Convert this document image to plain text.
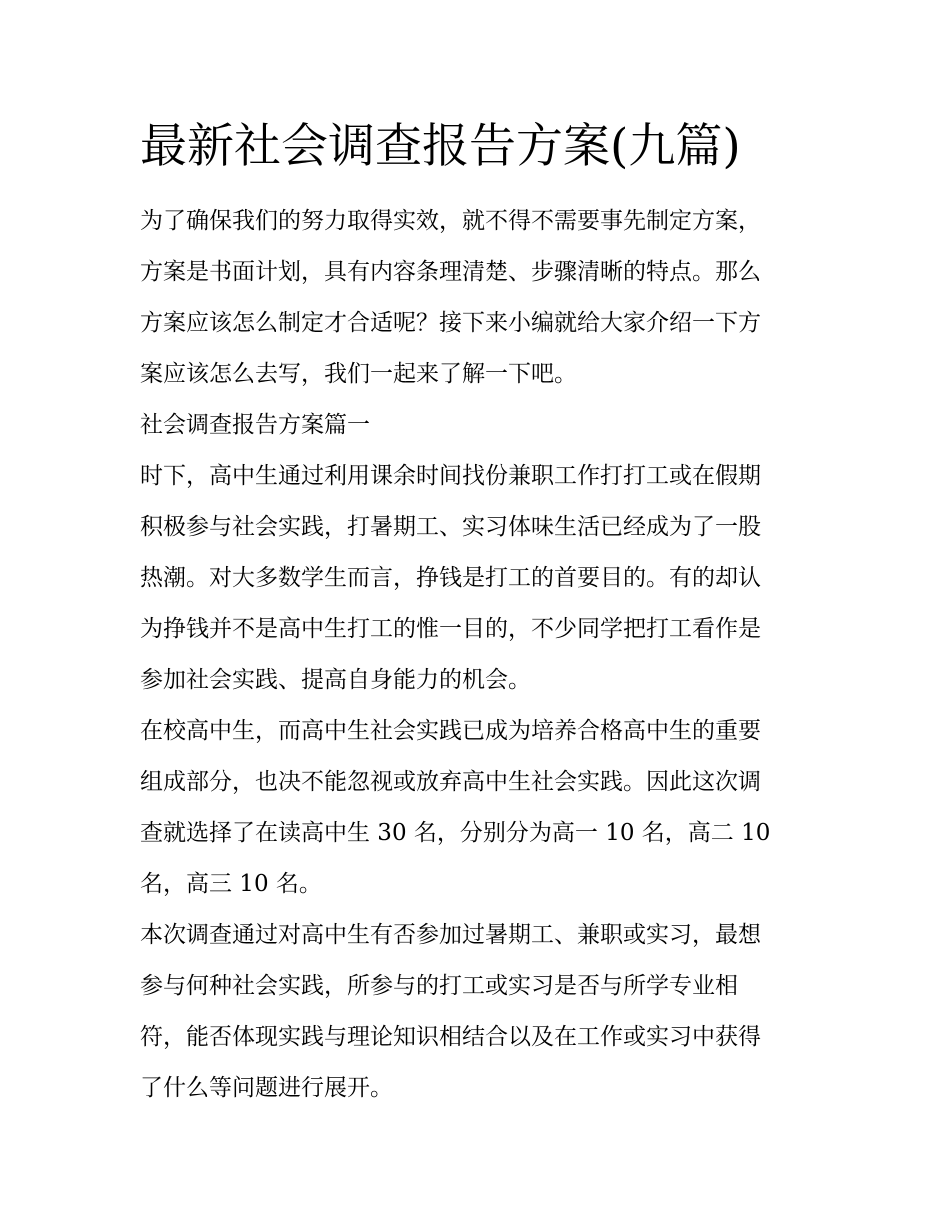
最新社会调查报告方案(九篇)

为了确保我们的努力取得实效，就不得不需要事先制定方案，
方案是书面计划，具有内容条理清楚、步骤清晰的特点。那么
方案应该怎么制定才合适呢？接下来小编就给大家介绍一下方
案应该怎么去写，我们一起来了解一下吧。

社会调查报告方案篇一

时下，高中生通过利用课余时间找份兼职工作打打工或在假期
积极参与社会实践，打暑期工、实习体味生活已经成为了一股
热潮。对大多数学生而言，挣钱是打工的首要目的。有的却认
为挣钱并不是高中生打工的惟一目的，不少同学把打工看作是
参加社会实践、提高自身能力的机会。

在校高中生，而高中生社会实践已成为培养合格高中生的重要
组成部分，也决不能忽视或放弃高中生社会实践。因此这次调
查就选择了在读高中生 30 名，分别分为高一 10 名，高二 10
名，高三 10 名。

本次调查通过对高中生有否参加过暑期工、兼职或实习，最想
参与何种社会实践，所参与的打工或实习是否与所学专业相
符，能否体现实践与理论知识相结合以及在工作或实习中获得
了什么等问题进行展开。
